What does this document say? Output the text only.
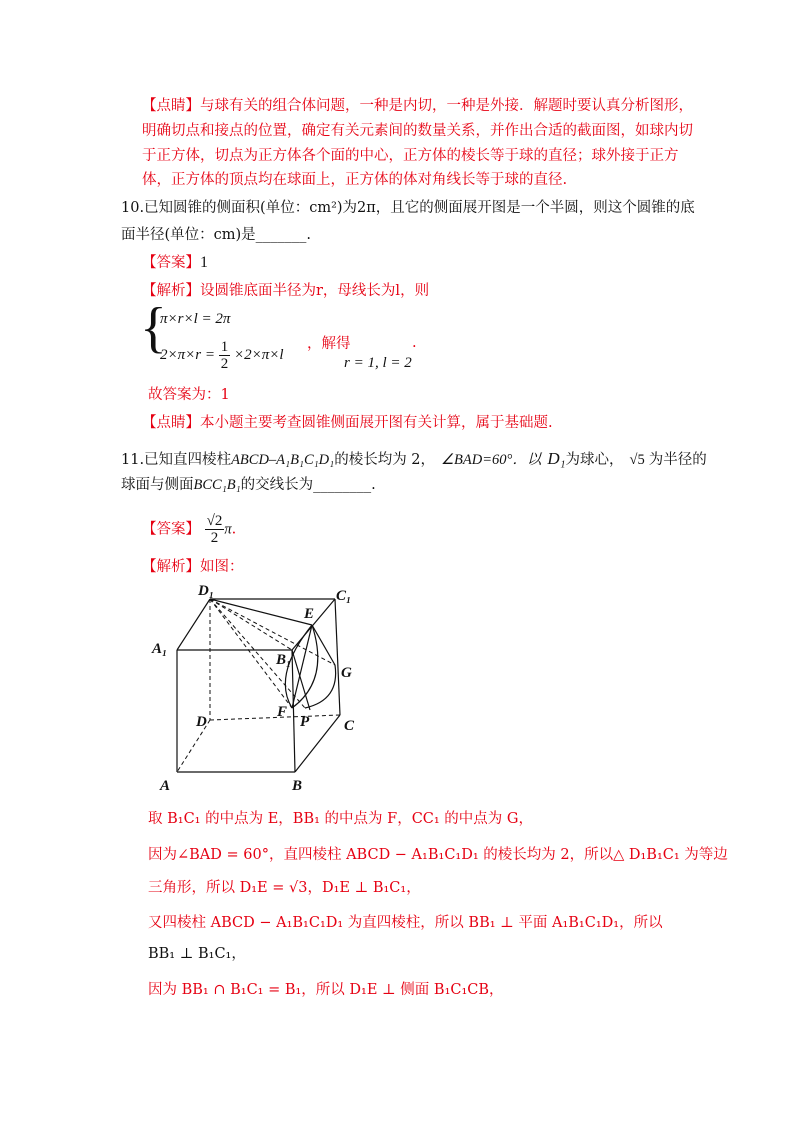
【点睛】与球有关的组合体问题，一种是内切，一种是外接．解题时要认真分析图形，
明确切点和接点的位置，确定有关元素间的数量关系，并作出合适的截面图，如球内切
于正方体，切点为正方体各个面的中心，正方体的棱长等于球的直径；球外接于正方
体，正方体的顶点均在球面上，正方体的体对角线长等于球的直径.
10.已知圆锥的侧面积(单位：cm²)为2π，且它的侧面展开图是一个半圆，则这个圆锥的底
面半径(单位：cm)是_______.
【答案】1
【解析】设圆锥底面半径为r，母线长为l，则
{
π×r×l = 2π
$2\times\pi\times r = \frac{1}{2} \times 2\times\pi\times l$
，解得
r = 1, l = 2
.
故答案为：1
【点睛】本小题主要考查圆锥侧面展开图有关计算，属于基础题.
11.已知直四棱柱ABCD–A₁B₁C₁D₁的棱长均为 2， ∠BAD=60°．以 D₁为球心， √5 为半径的
球面与侧面BCC₁B₁的交线长为________.
【答案】 $\frac{√2}{2} \pi$.
【解析】如图：
D₁	C₁
E
A₁
B₁
G
D
F
P C
A	B
取 B₁C₁ 的中点为 E，BB₁ 的中点为 F，CC₁ 的中点为 G，
因为∠BAD = 60°，直四棱柱 ABCD − A₁B₁C₁D₁ 的棱长均为 2，所以△ D₁B₁C₁ 为等边
三角形，所以 D₁E = √3，D₁E ⊥ B₁C₁，
又四棱柱 ABCD − A₁B₁C₁D₁ 为直四棱柱，所以 BB₁ ⊥ 平面 A₁B₁C₁D₁，所以
BB₁ ⊥ B₁C₁，
因为 BB₁ ∩ B₁C₁ = B₁，所以 D₁E ⊥ 侧面 B₁C₁CB，
